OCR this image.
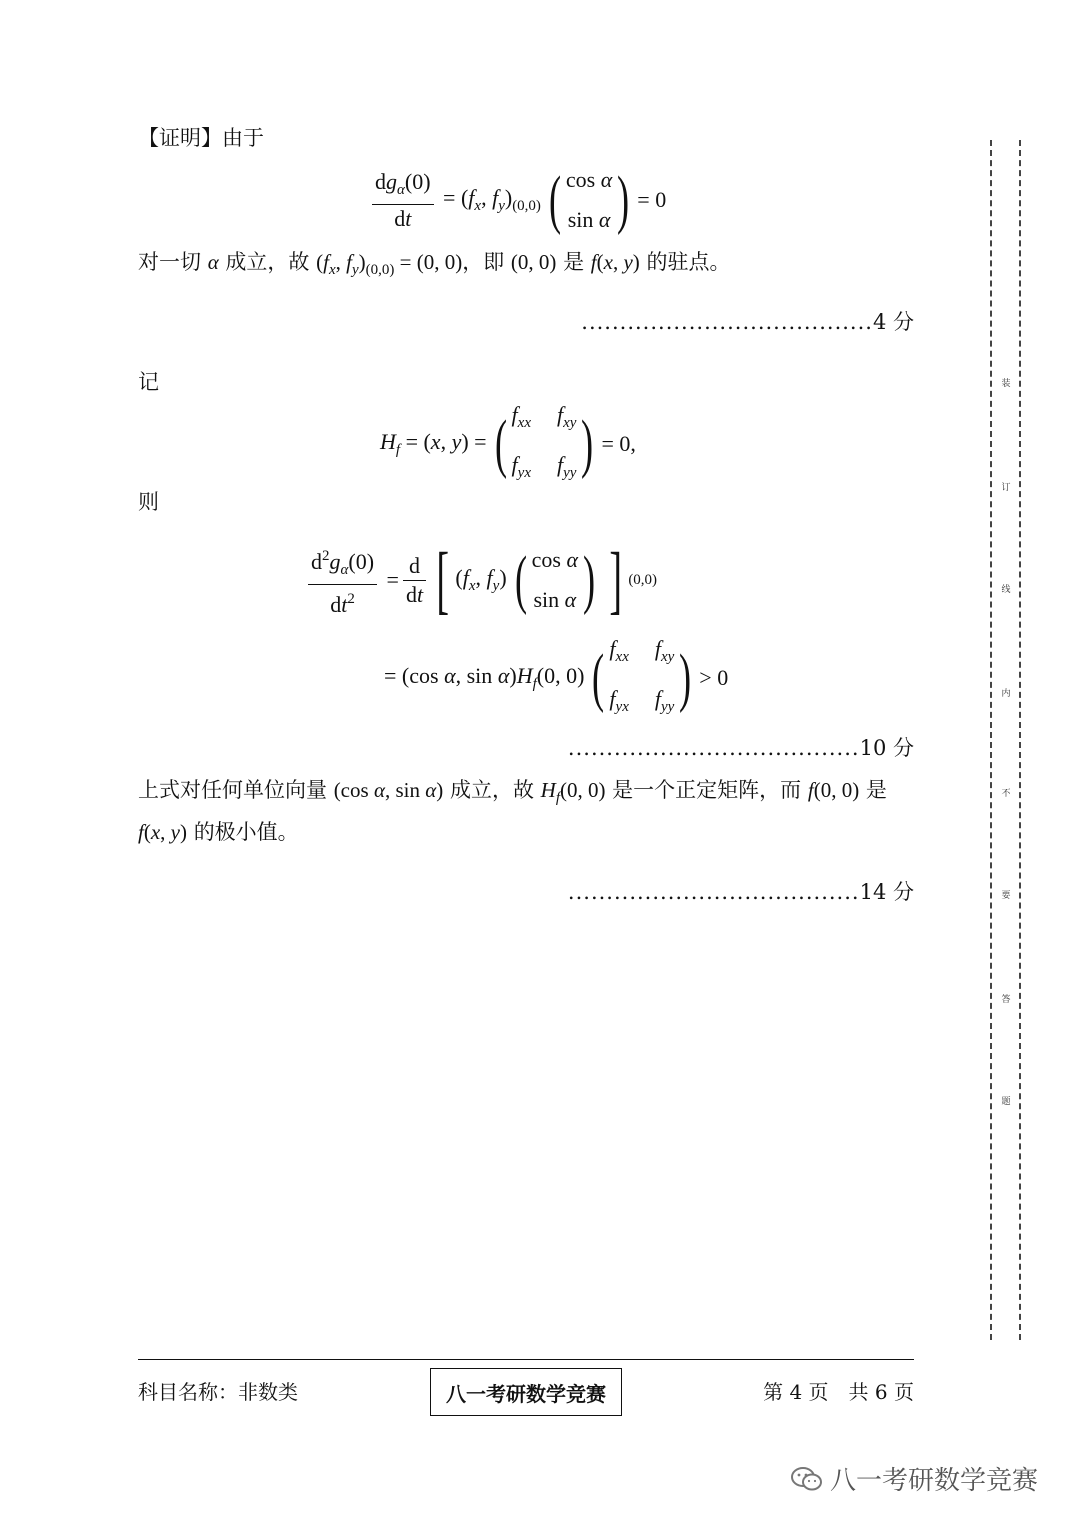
【证明】由于
$\frac{dg_\alpha(0)}{dt} = (f_x$, $f_y)_{(0,0)}$ ( cos α
sin α ) = 0
对一切 α 成立，故 ($f_x$, $f_y)_{(0,0)} = (0$, 0)，即 (0, 0) 是 f(x, y) 的驻点。
......................................4 分
记
$H_f = (x$, y) = ( $f_{xx}$ $f_{xy}$
$f_{yx}$ $f_{yy}$ ) = 0,
则
$\frac{d^2g_\alpha(0)}{dt^2} = \frac{d}{dt}$ [ ($f_x$, $f_y$) ( cos α
sin α ) ] (0,0)
= (cos α, $\sin \alpha)H_f(0$, 0) ( $f_{xx}$ $f_{xy}$
$f_{yx}$ $f_{yy}$ ) > 0
......................................10 分
上式对任何单位向量 (cos α, sin α) 成立，故 $H_f(0$, 0) 是一个正定矩阵，而 f(0, 0) 是
f(x, y) 的极小值。
......................................14 分
装
订
线
内
不
要
答
题
科目名称：非数类	八一考研数学竞赛	第 4 页　共 6 页
八一考研数学竞赛
